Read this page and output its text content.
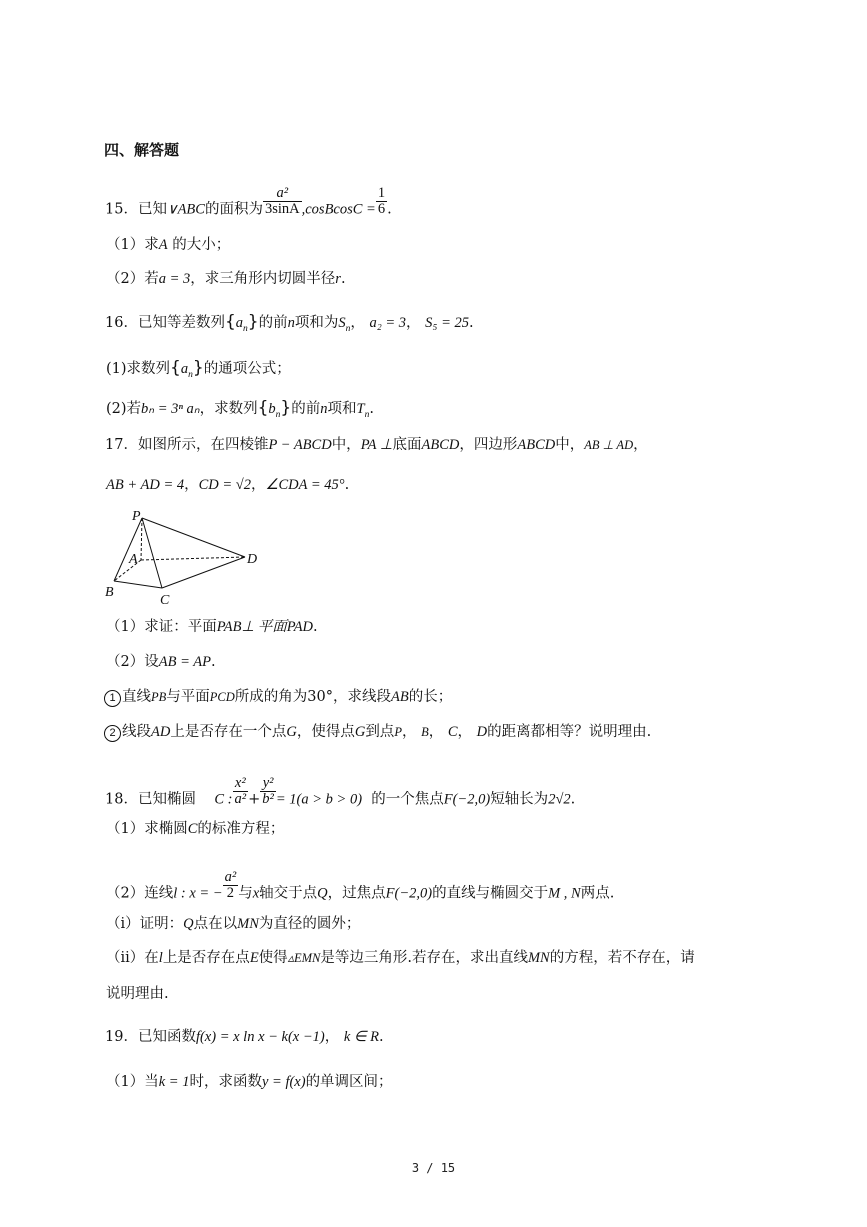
四、解答题
15．已知∨ABC的面积为 $\frac{\text{a²}}{3\sin A}$ ,cosBcosC = $\frac{1}{6}$ .
（1）求A 的大小；
（2）若a = 3，求三角形内切圆半径r.
16．已知等差数列$\{a_n\}$的前n项和为$S_n$， a₂ = 3， S₅ = 25.
(1)求数列$\{a_n\}$的通项公式；
(2)若bₙ = 3ⁿ aₙ，求数列$\{b_n\}$的前n项和$T_n$.
17．如图所示，在四棱锥P − ABCD中，PA ⊥底面ABCD，四边形ABCD中，AB ⊥ AD，
AB + AD = 4，CD = √2，∠CDA = 45°.
P
A
B
C
D
（1）求证：平面PAB⊥ 平面PAD.
（2）设AB = AP.
1 直线PB与平面PCD所成的角为30°，求线段AB的长；
2 线段AD上是否存在一个点G，使得点G到点P， B， C， D的距离都相等？说明理由.
18．已知椭圆 C : $\frac{\text{x²}}{\text{a²}} + \frac{\text{y²}}{\text{b²}} = 1(a > b > 0)$ 的一个焦点F(−2,0)短轴长为2√2.
（1）求椭圆C的标准方程；
（2）连线l : x = − $\frac{\text{a²}}{2}$ 与x轴交于点Q，过焦点F(−2,0)的直线与椭圆交于M , N两点.
（i）证明：Q点在以MN为直径的圆外；
（ii）在l上是否存在点E使得▵EMN是等边三角形.若存在，求出直线MN的方程，若不存在，请
说明理由.
19．已知函数f(x) = x ln x − k(x −1)， k ∈ R.
（1）当k = 1时，求函数y = f(x)的单调区间；
3 / 15
